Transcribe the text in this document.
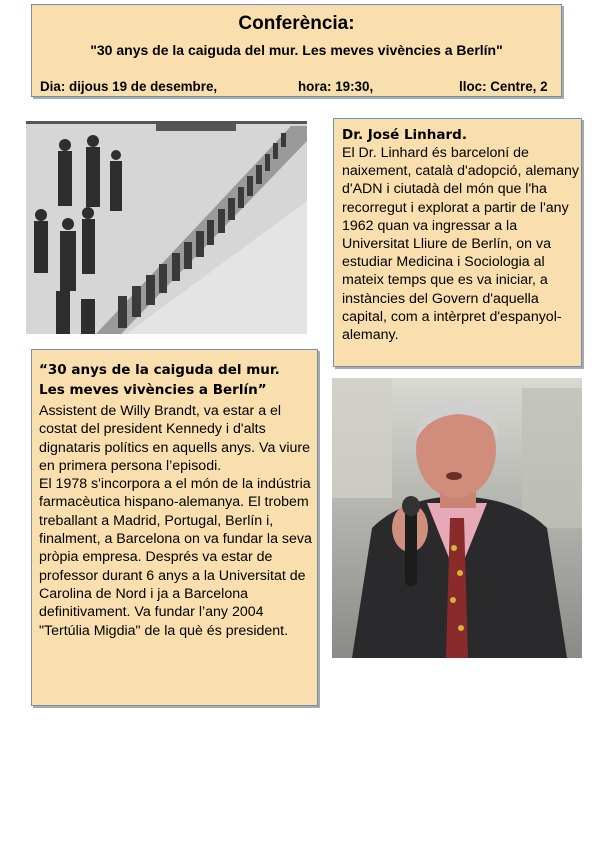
Conferència:
"30 anys de la caiguda del mur. Les meves vivències a Berlín"
Dia: dijous 19 de desembre,	hora: 19:30,	lloc: Centre, 2
Dr. José Linhard.
El Dr. Linhard és barceloní de naixement, català d'adopció, alemany d'ADN i ciutadà del món que l'ha recorregut i explorat a partir de l'any 1962 quan va ingressar a la Universitat Lliure de Berlín, on va estudiar Medicina i Sociologia al mateix temps que es va iniciar, a instàncies del Govern d'aquella capital, com a intèrpret d'espanyol-alemany.
“30 anys de la caiguda del mur.
Les meves vivències a Berlín”

Assistent de Willy Brandt, va estar a el costat del president Kennedy i d'alts dignataris polítics en aquells anys. Va viure en primera persona l’episodi.

El 1978 s'incorpora a el món de la indústria farmacèutica hispano-alemanya. El trobem treballant a Madrid, Portugal, Berlín i, finalment, a Barcelona on va fundar la seva pròpia empresa. Després va estar de professor durant 6 anys a la Universitat de Carolina de Nord i ja a Barcelona definitivament. Va fundar l’any 2004 "Tertúlia Migdia" de la què és president.
